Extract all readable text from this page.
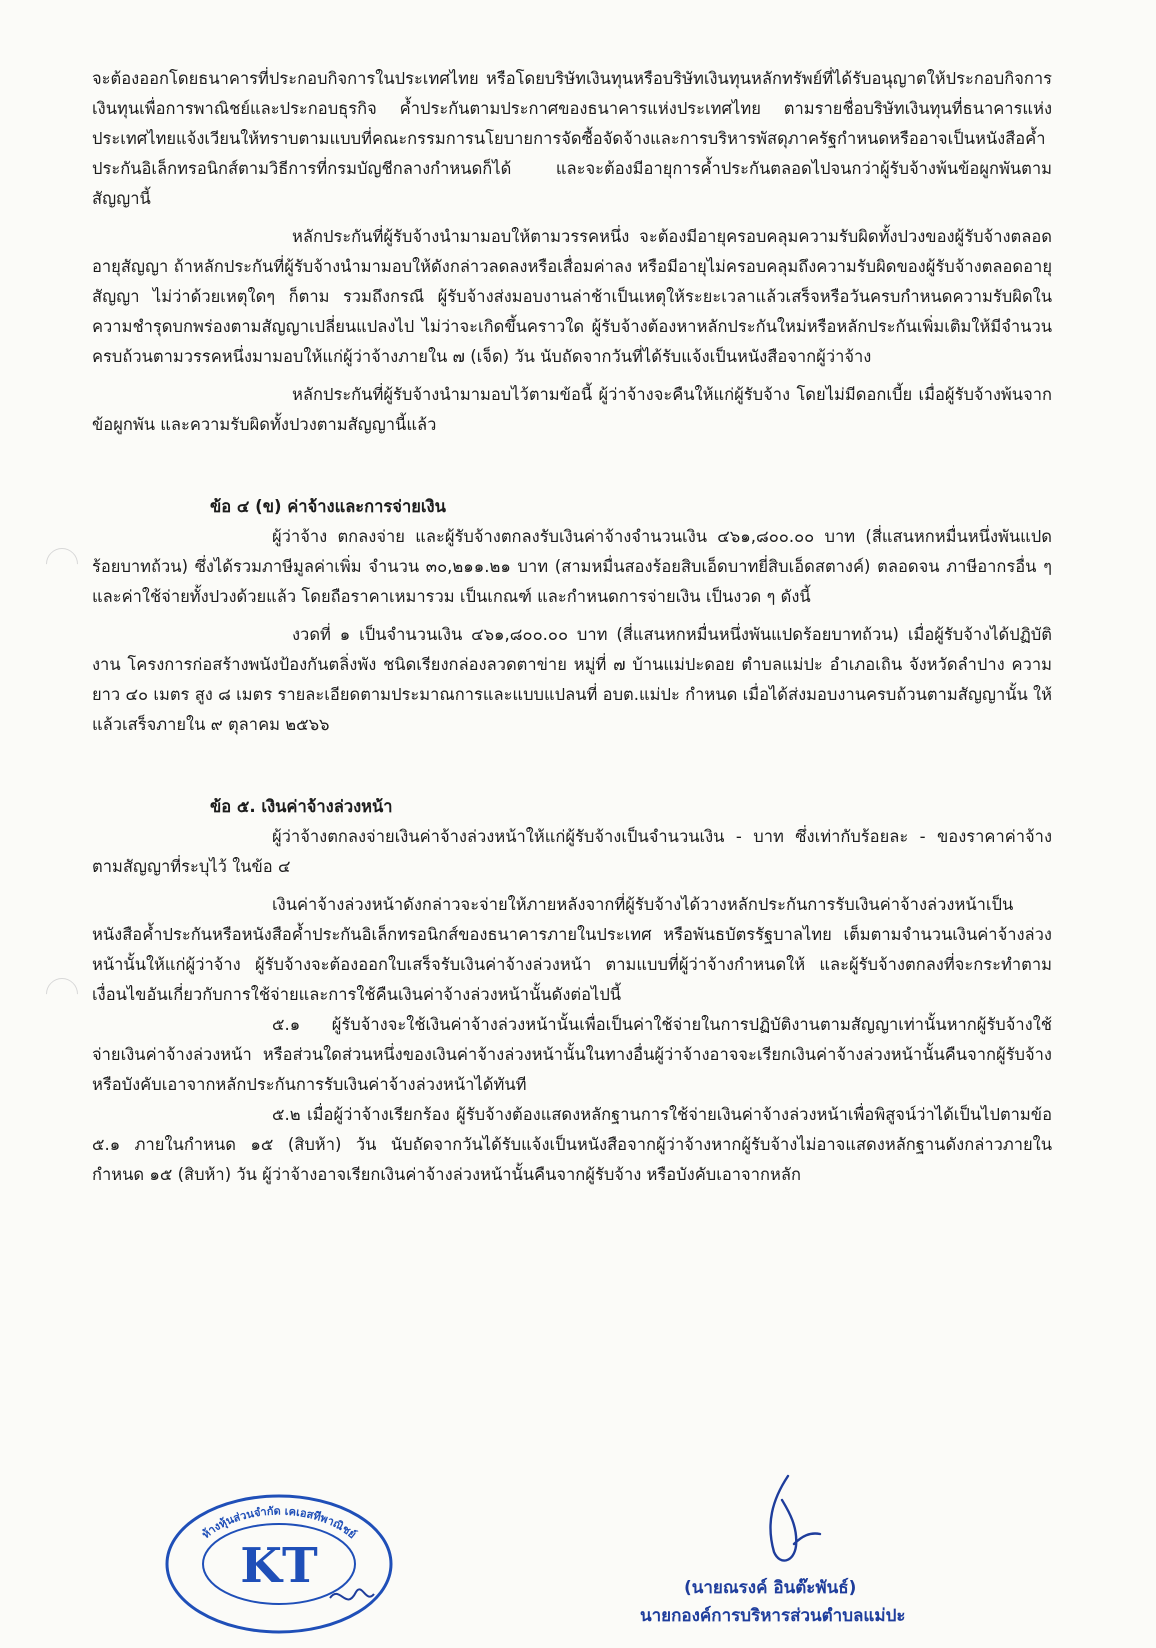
จะต้องออกโดยธนาคารที่ประกอบกิจการในประเทศไทย หรือโดยบริษัทเงินทุนหรือบริษัทเงินทุนหลักทรัพย์ที่ได้รับอนุญาตให้ประกอบกิจการเงินทุนเพื่อการพาณิชย์และประกอบธุรกิจ ค้ำประกันตามประกาศของธนาคารแห่งประเทศไทย ตามรายชื่อบริษัทเงินทุนที่ธนาคารแห่งประเทศไทยแจ้งเวียนให้ทราบตามแบบที่คณะกรรมการนโยบายการจัดซื้อจัดจ้างและการบริหารพัสดุภาครัฐกำหนดหรืออาจเป็นหนังสือค้ำประกันอิเล็กทรอนิกส์ตามวิธีการที่กรมบัญชีกลางกำหนดก็ได้ และจะต้องมีอายุการค้ำประกันตลอดไปจนกว่าผู้รับจ้างพ้นข้อผูกพันตามสัญญานี้

หลักประกันที่ผู้รับจ้างนำมามอบให้ตามวรรคหนึ่ง จะต้องมีอายุครอบคลุมความรับผิดทั้งปวงของผู้รับจ้างตลอดอายุสัญญา ถ้าหลักประกันที่ผู้รับจ้างนำมามอบให้ดังกล่าวลดลงหรือเสื่อมค่าลง หรือมีอายุไม่ครอบคลุมถึงความรับผิดของผู้รับจ้างตลอดอายุสัญญา ไม่ว่าด้วยเหตุใดๆ ก็ตาม รวมถึงกรณี ผู้รับจ้างส่งมอบงานล่าช้าเป็นเหตุให้ระยะเวลาแล้วเสร็จหรือวันครบกำหนดความรับผิดในความชำรุดบกพร่องตามสัญญาเปลี่ยนแปลงไป ไม่ว่าจะเกิดขึ้นคราวใด ผู้รับจ้างต้องหาหลักประกันใหม่หรือหลักประกันเพิ่มเติมให้มีจำนวนครบถ้วนตามวรรคหนึ่งมามอบให้แก่ผู้ว่าจ้างภายใน ๗ (เจ็ด) วัน นับถัดจากวันที่ได้รับแจ้งเป็นหนังสือจากผู้ว่าจ้าง

หลักประกันที่ผู้รับจ้างนำมามอบไว้ตามข้อนี้ ผู้ว่าจ้างจะคืนให้แก่ผู้รับจ้าง โดยไม่มีดอกเบี้ย เมื่อผู้รับจ้างพ้นจากข้อผูกพัน และความรับผิดทั้งปวงตามสัญญานี้แล้ว

ข้อ ๔ (ข) ค่าจ้างและการจ่ายเงิน

ผู้ว่าจ้าง ตกลงจ่าย และผู้รับจ้างตกลงรับเงินค่าจ้างจำนวนเงิน ๔๖๑,๘๐๐.๐๐ บาท (สี่แสนหกหมื่นหนึ่งพันแปดร้อยบาทถ้วน) ซึ่งได้รวมภาษีมูลค่าเพิ่ม จำนวน ๓๐,๒๑๑.๒๑ บาท (สามหมื่นสองร้อยสิบเอ็ดบาทยี่สิบเอ็ดสตางค์) ตลอดจน ภาษีอากรอื่น ๆ และค่าใช้จ่ายทั้งปวงด้วยแล้ว โดยถือราคาเหมารวม เป็นเกณฑ์ และกำหนดการจ่ายเงิน เป็นงวด ๆ ดังนี้

งวดที่ ๑ เป็นจำนวนเงิน ๔๖๑,๘๐๐.๐๐ บาท (สี่แสนหกหมื่นหนึ่งพันแปดร้อยบาทถ้วน) เมื่อผู้รับจ้างได้ปฏิบัติงาน โครงการก่อสร้างพนังป้องกันตลิ่งพัง ชนิดเรียงกล่องลวดตาข่าย หมู่ที่ ๗ บ้านแม่ปะดอย ตำบลแม่ปะ อำเภอเถิน จังหวัดลำปาง ความยาว ๔๐ เมตร สูง ๘ เมตร รายละเอียดตามประมาณการและแบบแปลนที่ อบต.แม่ปะ กำหนด เมื่อได้ส่งมอบงานครบถ้วนตามสัญญานั้น ให้แล้วเสร็จภายใน ๙ ตุลาคม ๒๕๖๖

ข้อ ๕. เงินค่าจ้างล่วงหน้า

ผู้ว่าจ้างตกลงจ่ายเงินค่าจ้างล่วงหน้าให้แก่ผู้รับจ้างเป็นจำนวนเงิน - บาท ซึ่งเท่ากับร้อยละ - ของราคาค่าจ้าง ตามสัญญาที่ระบุไว้ ในข้อ ๔

เงินค่าจ้างล่วงหน้าดังกล่าวจะจ่ายให้ภายหลังจากที่ผู้รับจ้างได้วางหลักประกันการรับเงินค่าจ้างล่วงหน้าเป็นหนังสือค้ำประกันหรือหนังสือค้ำประกันอิเล็กทรอนิกส์ของธนาคารภายในประเทศ หรือพันธบัตรรัฐบาลไทย เต็มตามจำนวนเงินค่าจ้างล่วงหน้านั้นให้แก่ผู้ว่าจ้าง ผู้รับจ้างจะต้องออกใบเสร็จรับเงินค่าจ้างล่วงหน้า ตามแบบที่ผู้ว่าจ้างกำหนดให้ และผู้รับจ้างตกลงที่จะกระทำตามเงื่อนไขอันเกี่ยวกับการใช้จ่ายและการใช้คืนเงินค่าจ้างล่วงหน้านั้นดังต่อไปนี้

๕.๑ ผู้รับจ้างจะใช้เงินค่าจ้างล่วงหน้านั้นเพื่อเป็นค่าใช้จ่ายในการปฏิบัติงานตามสัญญาเท่านั้นหากผู้รับจ้างใช้จ่ายเงินค่าจ้างล่วงหน้า หรือส่วนใดส่วนหนึ่งของเงินค่าจ้างล่วงหน้านั้นในทางอื่นผู้ว่าจ้างอาจจะเรียกเงินค่าจ้างล่วงหน้านั้นคืนจากผู้รับจ้างหรือบังคับเอาจากหลักประกันการรับเงินค่าจ้างล่วงหน้าได้ทันที

๕.๒ เมื่อผู้ว่าจ้างเรียกร้อง ผู้รับจ้างต้องแสดงหลักฐานการใช้จ่ายเงินค่าจ้างล่วงหน้าเพื่อพิสูจน์ว่าได้เป็นไปตามข้อ ๕.๑ ภายในกำหนด ๑๕ (สิบห้า) วัน นับถัดจากวันได้รับแจ้งเป็นหนังสือจากผู้ว่าจ้างหากผู้รับจ้างไม่อาจแสดงหลักฐานดังกล่าวภายในกำหนด ๑๕ (สิบห้า) วัน ผู้ว่าจ้างอาจเรียกเงินค่าจ้างล่วงหน้านั้นคืนจากผู้รับจ้าง หรือบังคับเอาจากหลัก

ห้างหุ้นส่วนจำกัด เคเอสทีพาณิชย์
KT	(นายณรงค์ อินต๊ะพันธ์)
นายกองค์การบริหารส่วนตำบลแม่ปะ
